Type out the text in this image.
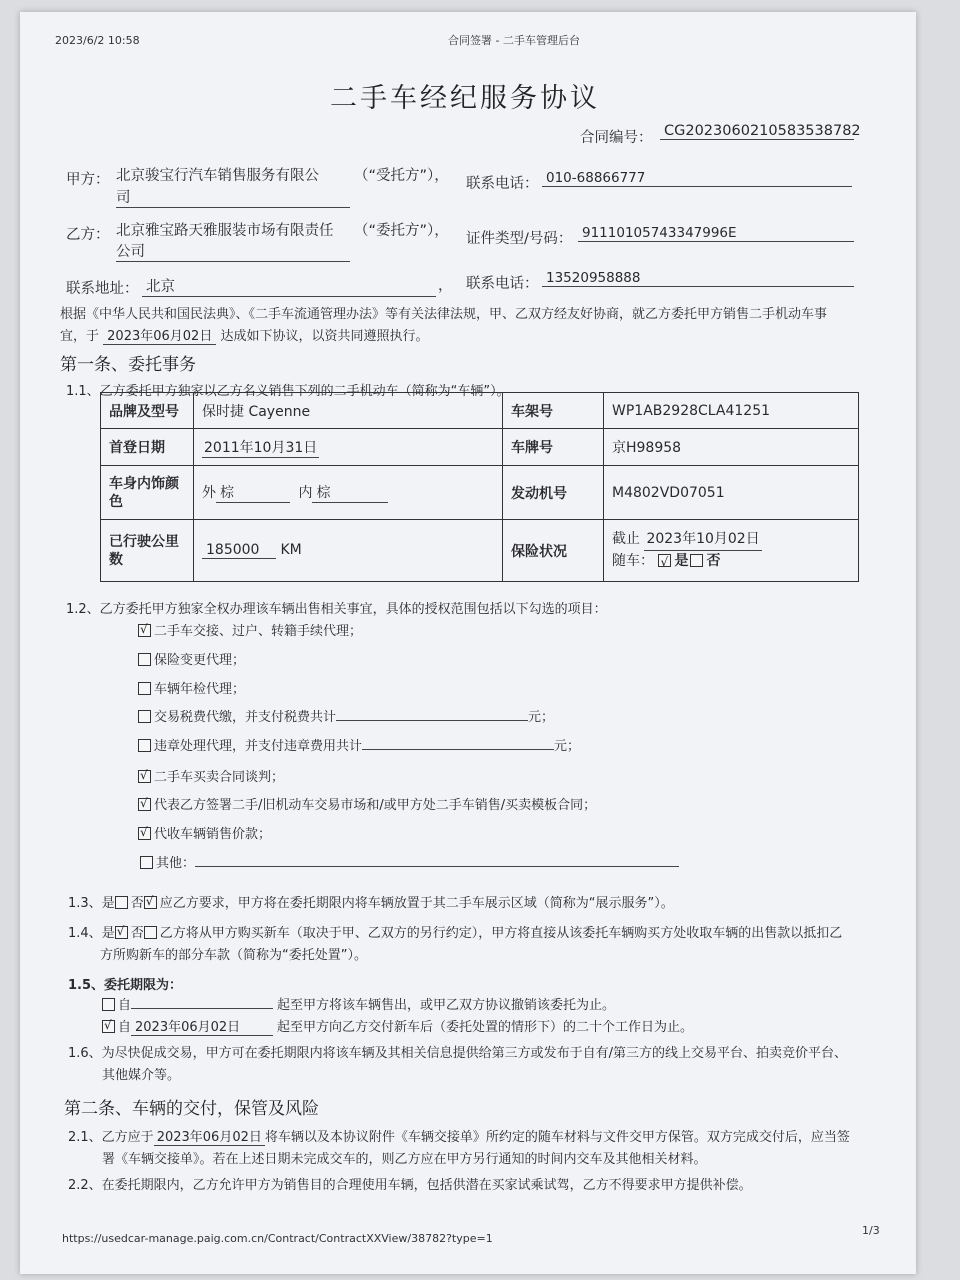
2023/6/2 10:58	合同签署 - 二手车管理后台
二手车经纪服务协议
合同编号： CG2023060210583538782
甲方： 北京骏宝行汽车销售服务有限公
司
（“受托方”）， 联系电话： 010-68866777
乙方： 北京雅宝路天雅服装市场有限责任
公司
（“委托方”）， 证件类型/号码： 91110105743347996E
联系地址： 北京	， 联系电话： 13520958888
根据《中华人民共和国民法典》、《二手车流通管理办法》等有关法律法规，甲、乙双方经友好协商，就乙方委托甲方销售二手机动车事
宜，于 2023年06月02日 达成如下协议，以资共同遵照执行。
第一条、委托事务
1.1、乙方委托甲方独家以乙方名义销售下列的二手机动车（简称为“车辆”）。
品牌及型号	保时捷 Cayenne	车架号	WP1AB2928CLA41251
首登日期	2011年10月31日	车牌号	京H98958
车身内饰颜色	外 棕 内 棕	发动机号	M4802VD07051
已行驶公里数	185000 KM	保险状况	截止 2023年10月02日
随车： √ 是 否
1.2、乙方委托甲方独家全权办理该车辆出售相关事宜，具体的授权范围包括以下勾选的项目：
√二手车交接、过户、转籍手续代理；
保险变更代理；
车辆年检代理；
交易税费代缴，并支付税费共计	元；
违章处理代理，并支付违章费用共计	元；
√二手车买卖合同谈判；
√代表乙方签署二手/旧机动车交易市场和/或甲方处二手车销售/买卖模板合同；
√代收车辆销售价款；
其他：
1.3、是 否 √ 应乙方要求，甲方将在委托期限内将车辆放置于其二手车展示区域（简称为“展示服务”）。
1.4、是 √ 否 乙方将从甲方购买新车（取决于甲、乙双方的另行约定），甲方将直接从该委托车辆购买方处收取车辆的出售款以抵扣乙
方所购新车的部分车款（简称为“委托处置”）。
1.5、委托期限为：
自	起至甲方将该车辆售出，或甲乙双方协议撤销该委托为止。
√自 2023年06月02日	起至甲方向乙方交付新车后（委托处置的情形下）的二十个工作日为止。
1.6、为尽快促成交易，甲方可在委托期限内将该车辆及其相关信息提供给第三方或发布于自有/第三方的线上交易平台、拍卖竞价平台、
其他媒介等。
第二条、车辆的交付，保管及风险
2.1、乙方应于 2023年06月02日 将车辆以及本协议附件《车辆交接单》所约定的随车材料与文件交甲方保管。双方完成交付后，应当签
署《车辆交接单》。若在上述日期未完成交车的，则乙方应在甲方另行通知的时间内交车及其他相关材料。
2.2、在委托期限内，乙方允许甲方为销售目的合理使用车辆，包括供潜在买家试乘试驾，乙方不得要求甲方提供补偿。
https://usedcar-manage.paig.com.cn/Contract/ContractXXView/38782?type=1
1/3
